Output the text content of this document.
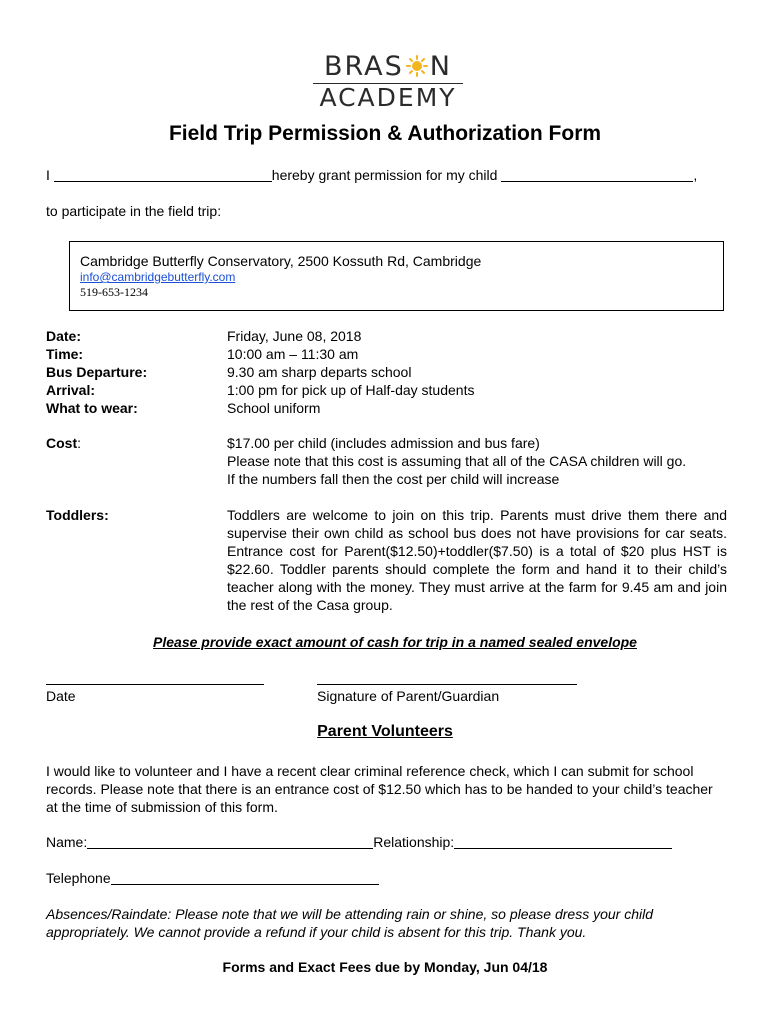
BRAS N
ACADEMY
Field Trip Permission & Authorization Form
I	hereby grant permission for my child	,
to participate in the field trip:
Cambridge Butterfly Conservatory, 2500 Kossuth Rd, Cambridge
info@cambridgebutterfly.com
519-653-1234
Date:	Friday, June 08, 2018
Time:	10:00 am – 11:30 am
Bus Departure:	9.30 am sharp departs school
Arrival:	1:00 pm for pick up of Half-day students
What to wear:	School uniform
Cost:	$17.00 per child (includes admission and bus fare)
Please note that this cost is assuming that all of the CASA children will go.
If the numbers fall then the cost per child will increase
Toddlers:	Toddlers are welcome to join on this trip. Parents must drive them there and supervise their own child as school bus does not have provisions for car seats. Entrance cost for Parent($12.50)+toddler($7.50) is a total of $20 plus HST is $22.60. Toddler parents should complete the form and hand it to their child’s teacher along with the money. They must arrive at the farm for 9.45 am and join the rest of the Casa group.
Please provide exact amount of cash for trip in a named sealed envelope
Date	Signature of Parent/Guardian
Parent Volunteers
I would like to volunteer and I have a recent clear criminal reference check, which I can submit for school records. Please note that there is an entrance cost of $12.50 which has to be handed to your child’s teacher at the time of submission of this form.
Name:	Relationship:
Telephone
Absences/Raindate: Please note that we will be attending rain or shine, so please dress your child appropriately. We cannot provide a refund if your child is absent for this trip. Thank you.
Forms and Exact Fees due by Monday, Jun 04/18
